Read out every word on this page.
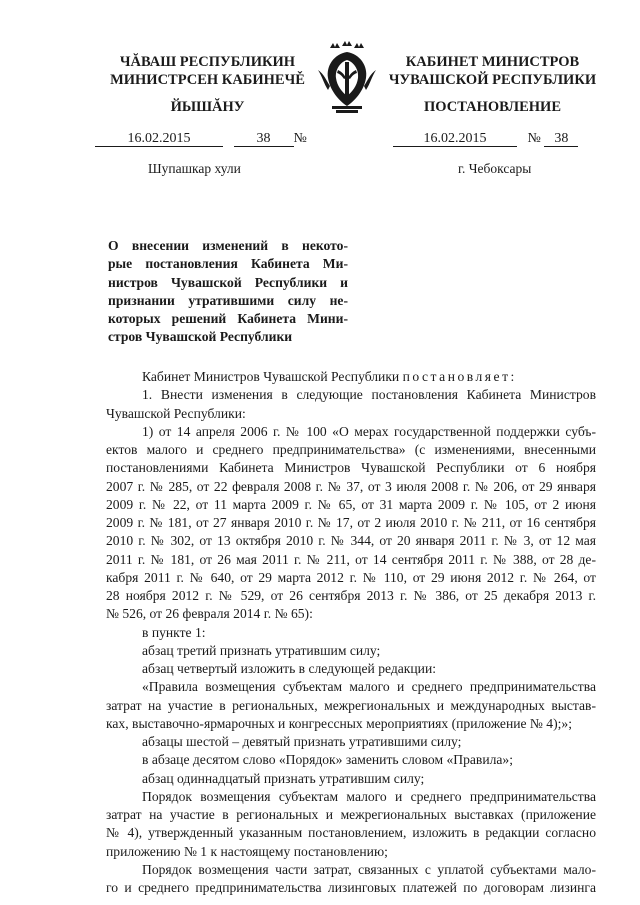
ЧĂВАШ РЕСПУБЛИКИН
МИНИСТРСЕН КАБИНЕЧĚ
КАБИНЕТ МИНИСТРОВ
ЧУВАШСКОЙ РЕСПУБЛИКИ
ЙЫШĂНУ	ПОСТАНОВЛЕНИЕ
16.02.2015	38 №	16.02.2015	№ 38
Шупашкар хули	г. Чебоксары
О внесении изменений в некото-
рые постановления Кабинета Ми-
нистров Чувашской Республики и
признании утратившими силу не-
которых решений Кабинета Мини-
стров Чувашской Республики

Кабинет Министров Чувашской Республики постановляет:

1. Внести изменения в следующие постановления Кабинета Министров
Чувашской Республики:

1) от 14 апреля 2006 г. № 100 «О мерах государственной поддержки субъ-
ектов малого и среднего предпринимательства» (с изменениями, внесенными
постановлениями Кабинета Министров Чувашской Республики от 6 ноября
2007 г. № 285, от 22 февраля 2008 г. № 37, от 3 июля 2008 г. № 206, от 29 января
2009 г. № 22, от 11 марта 2009 г. № 65, от 31 марта 2009 г. № 105, от 2 июня
2009 г. № 181, от 27 января 2010 г. № 17, от 2 июля 2010 г. № 211, от 16 сентября
2010 г. № 302, от 13 октября 2010 г. № 344, от 20 января 2011 г. № 3, от 12 мая
2011 г. № 181, от 26 мая 2011 г. № 211, от 14 сентября 2011 г. № 388, от 28 де-
кабря 2011 г. № 640, от 29 марта 2012 г. № 110, от 29 июня 2012 г. № 264, от
28 ноября 2012 г. № 529, от 26 сентября 2013 г. № 386, от 25 декабря 2013 г.
№ 526, от 26 февраля 2014 г. № 65):

в пункте 1:

абзац третий признать утратившим силу;

абзац четвертый изложить в следующей редакции:

«Правила возмещения субъектам малого и среднего предпринимательства
затрат на участие в региональных, межрегиональных и международных выстав-
ках, выставочно-ярмарочных и конгрессных мероприятиях (приложение № 4);»;

абзацы шестой – девятый признать утратившими силу;

в абзаце десятом слово «Порядок» заменить словом «Правила»;

абзац одиннадцатый признать утратившим силу;

Порядок возмещения субъектам малого и среднего предпринимательства
затрат на участие в региональных и межрегиональных выставках (приложение
№ 4), утвержденный указанным постановлением, изложить в редакции согласно
приложению № 1 к настоящему постановлению;

Порядок возмещения части затрат, связанных с уплатой субъектами мало-
го и среднего предпринимательства лизинговых платежей по договорам лизинга
